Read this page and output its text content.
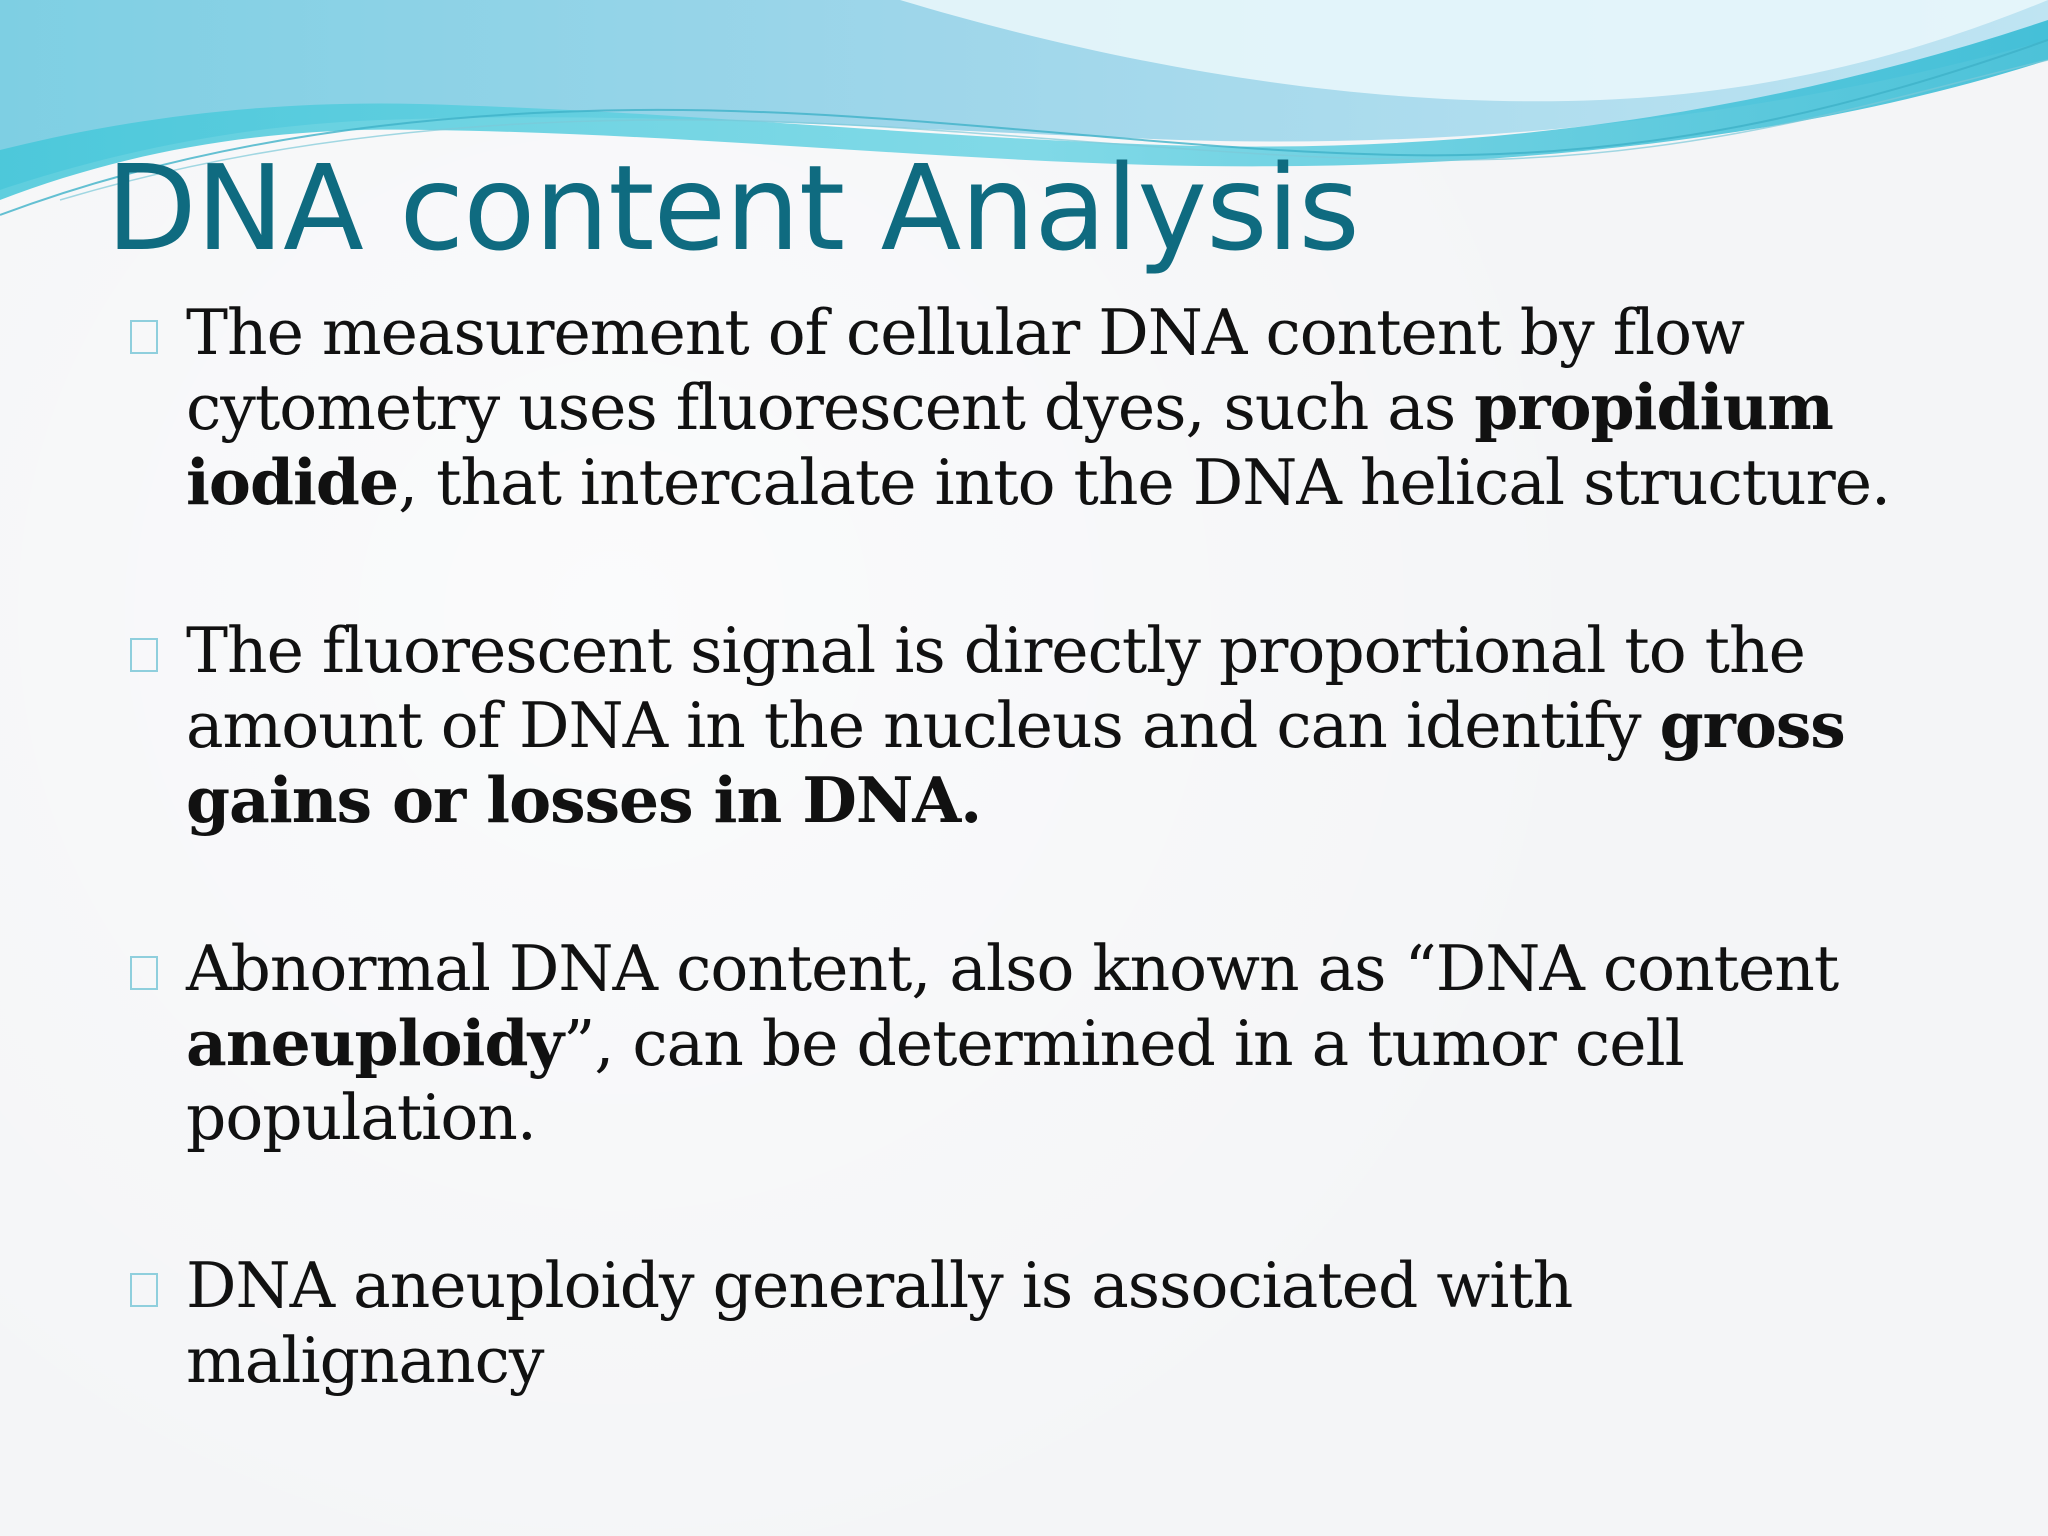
DNA content Analysis
The measurement of cellular DNA content by flow cytometry uses fluorescent dyes, such as propidium iodide, that intercalate into the DNA helical structure.
The fluorescent signal is directly proportional to the amount of DNA in the nucleus and can identify gross gains or losses in DNA.
Abnormal DNA content, also known as “DNA content aneuploidy”, can be determined in a tumor cell population.
DNA aneuploidy generally is associated with malignancy
